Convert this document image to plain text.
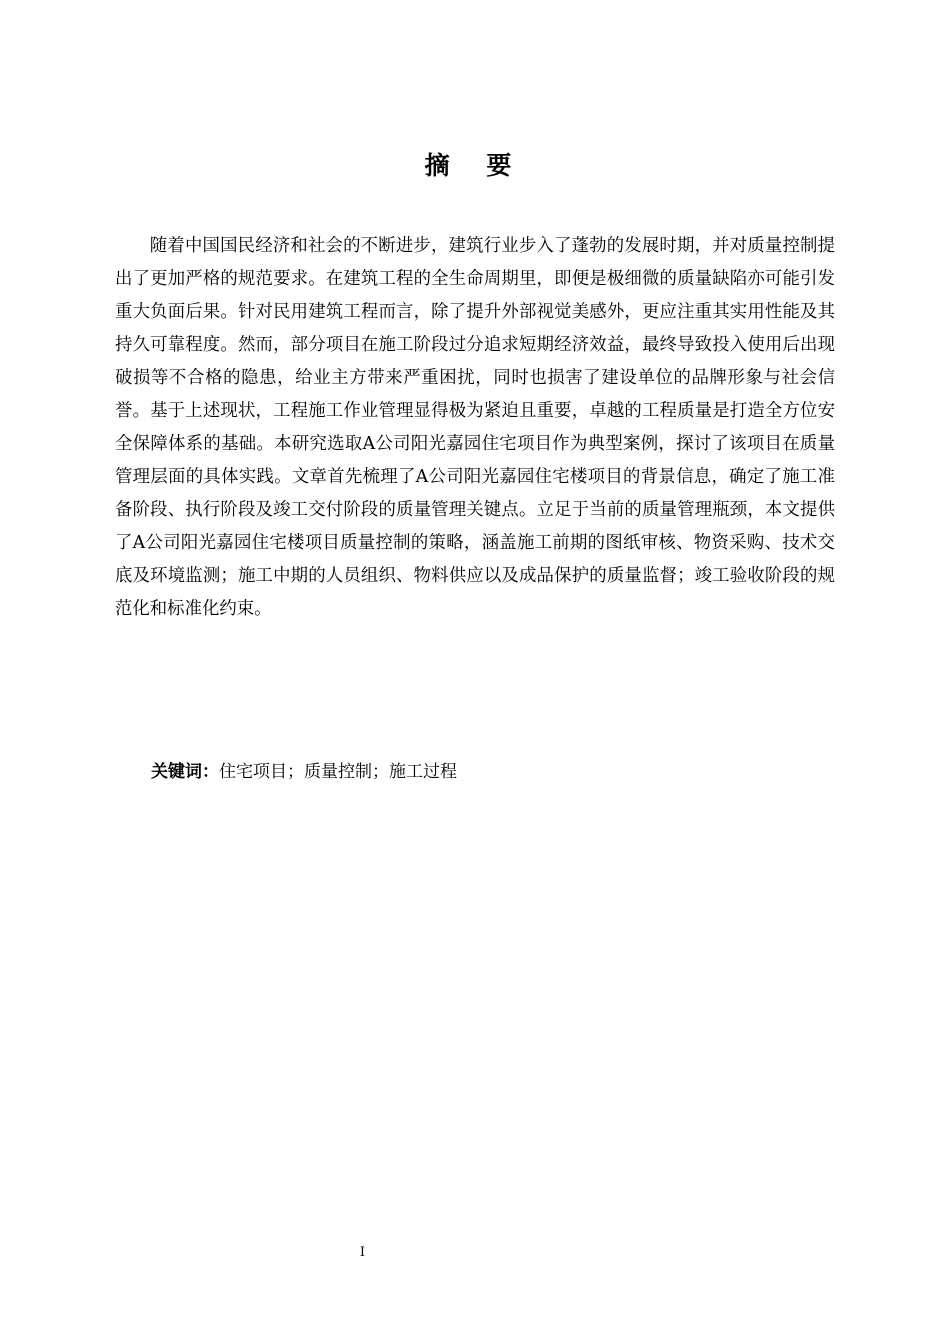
摘 要

随着中国国民经济和社会的不断进步，建筑行业步入了蓬勃的发展时期，并对质量控制提出了更加严格的规范要求。在建筑工程的全生命周期里，即便是极细微的质量缺陷亦可能引发重大负面后果。针对民用建筑工程而言，除了提升外部视觉美感外，更应注重其实用性能及其持久可靠程度。然而，部分项目在施工阶段过分追求短期经济效益，最终导致投入使用后出现破损等不合格的隐患，给业主方带来严重困扰，同时也损害了建设单位的品牌形象与社会信誉。基于上述现状，工程施工作业管理显得极为紧迫且重要，卓越的工程质量是打造全方位安全保障体系的基础。本研究选取A公司阳光嘉园住宅项目作为典型案例，探讨了该项目在质量管理层面的具体实践。文章首先梳理了A公司阳光嘉园住宅楼项目的背景信息，确定了施工准备阶段、执行阶段及竣工交付阶段的质量管理关键点。立足于当前的质量管理瓶颈，本文提供了A公司阳光嘉园住宅楼项目质量控制的策略，涵盖施工前期的图纸审核、物资采购、技术交底及环境监测；施工中期的人员组织、物料供应以及成品保护的质量监督；竣工验收阶段的规范化和标准化约束。

关键词：住宅项目；质量控制；施工过程
I
